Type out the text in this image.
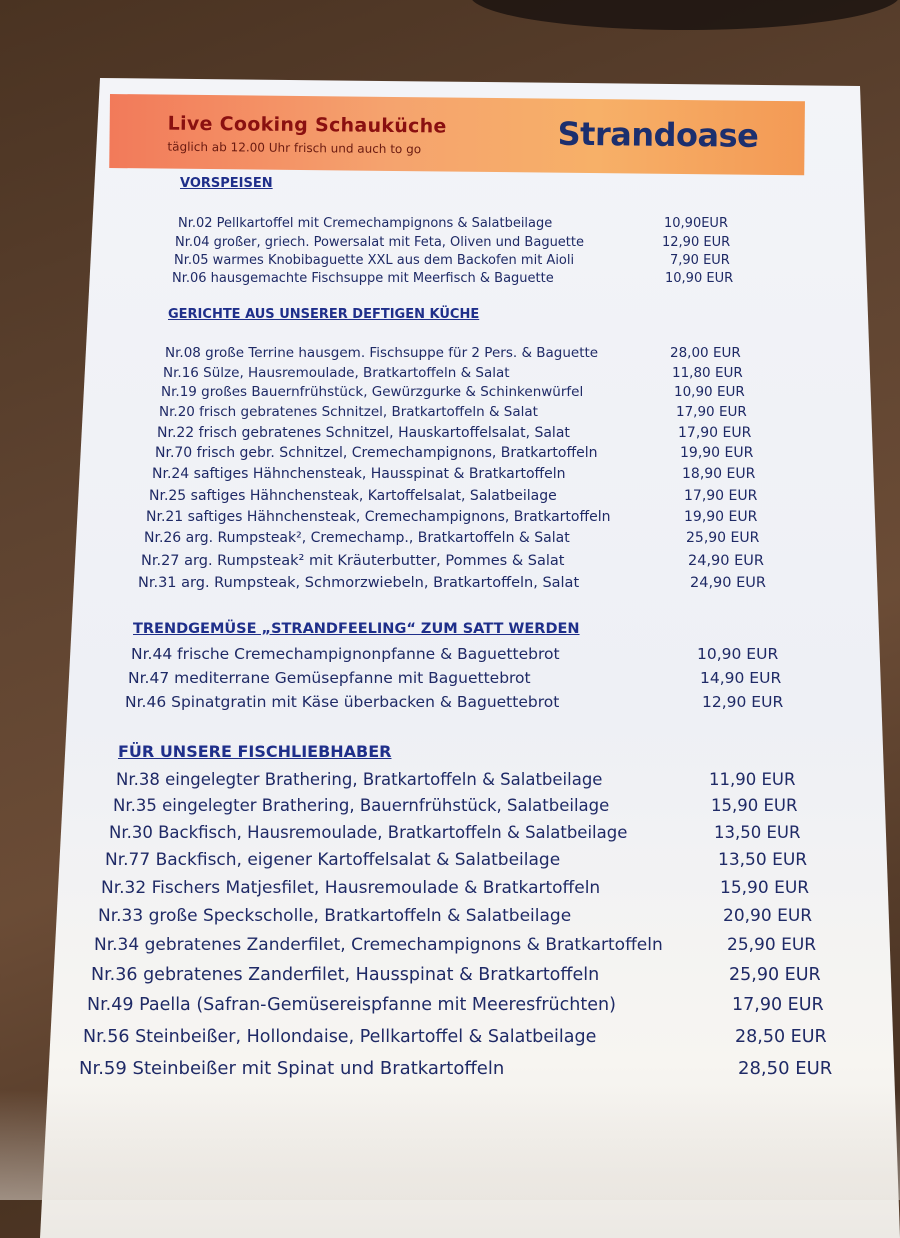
Live Cooking Schauküche
täglich ab 12.00 Uhr frisch und auch to go	Strandoase
VORSPEISEN
Nr.02 Pellkartoffel mit Cremechampignons & Salatbeilage	10,90EUR
Nr.04 großer, griech. Powersalat mit Feta, Oliven und Baguette	12,90 EUR
Nr.05 warmes Knobibaguette XXL aus dem Backofen mit Aioli	7,90 EUR
Nr.06 hausgemachte Fischsuppe mit Meerfisch & Baguette	10,90 EUR
GERICHTE AUS UNSERER DEFTIGEN KÜCHE
Nr.08 große Terrine hausgem. Fischsuppe für 2 Pers. & Baguette	28,00 EUR
Nr.16 Sülze, Hausremoulade, Bratkartoffeln & Salat	11,80 EUR
Nr.19 großes Bauernfrühstück, Gewürzgurke & Schinkenwürfel	10,90 EUR
Nr.20 frisch gebratenes Schnitzel, Bratkartoffeln & Salat	17,90 EUR
Nr.22 frisch gebratenes Schnitzel, Hauskartoffelsalat, Salat	17,90 EUR
Nr.70 frisch gebr. Schnitzel, Cremechampignons, Bratkartoffeln	19,90 EUR
Nr.24 saftiges Hähnchensteak, Hausspinat & Bratkartoffeln	18,90 EUR
Nr.25 saftiges Hähnchensteak, Kartoffelsalat, Salatbeilage	17,90 EUR
Nr.21 saftiges Hähnchensteak, Cremechampignons, Bratkartoffeln	19,90 EUR
Nr.26 arg. Rumpsteak², Cremechamp., Bratkartoffeln & Salat	25,90 EUR
Nr.27 arg. Rumpsteak² mit Kräuterbutter, Pommes & Salat	24,90 EUR
Nr.31 arg. Rumpsteak, Schmorzwiebeln, Bratkartoffeln, Salat	24,90 EUR
TRENDGEMÜSE „STRANDFEELING“ ZUM SATT WERDEN
Nr.44 frische Cremechampignonpfanne & Baguettebrot	10,90 EUR
Nr.47 mediterrane Gemüsepfanne mit Baguettebrot	14,90 EUR
Nr.46 Spinatgratin mit Käse überbacken & Baguettebrot	12,90 EUR
FÜR UNSERE FISCHLIEBHABER
Nr.38 eingelegter Brathering, Bratkartoffeln & Salatbeilage	11,90 EUR
Nr.35 eingelegter Brathering, Bauernfrühstück, Salatbeilage	15,90 EUR
Nr.30 Backfisch, Hausremoulade, Bratkartoffeln & Salatbeilage	13,50 EUR
Nr.77 Backfisch, eigener Kartoffelsalat & Salatbeilage	13,50 EUR
Nr.32 Fischers Matjesfilet, Hausremoulade & Bratkartoffeln	15,90 EUR
Nr.33 große Speckscholle, Bratkartoffeln & Salatbeilage	20,90 EUR
Nr.34 gebratenes Zanderfilet, Cremechampignons & Bratkartoffeln	25,90 EUR
Nr.36 gebratenes Zanderfilet, Hausspinat & Bratkartoffeln	25,90 EUR
Nr.49 Paella (Safran-Gemüsereispfanne mit Meeresfrüchten)	17,90 EUR
Nr.56 Steinbeißer, Hollondaise, Pellkartoffel & Salatbeilage	28,50 EUR
Nr.59 Steinbeißer mit Spinat und Bratkartoffeln	28,50 EUR
